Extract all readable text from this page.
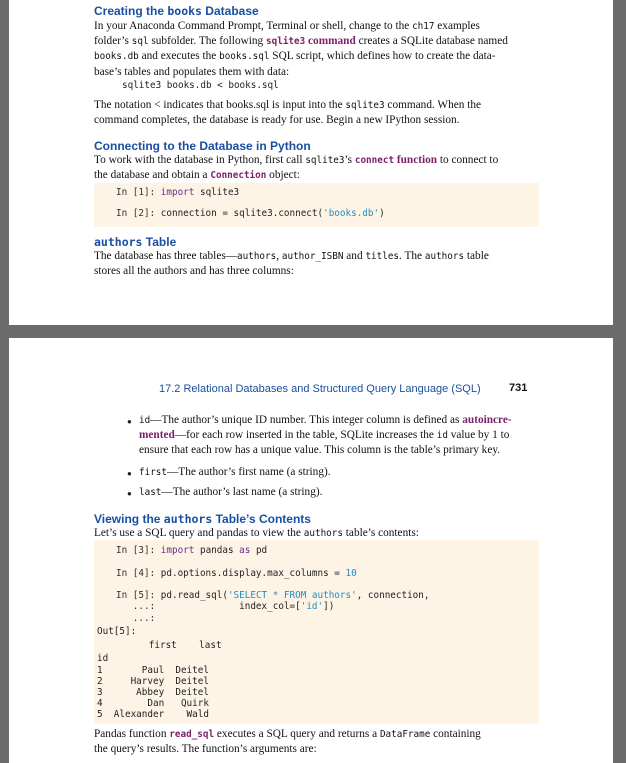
Creating the books Database
In your Anaconda Command Prompt, Terminal or shell, change to the ch17 examples
folder’s sql subfolder. The following sqlite3 command creates a SQLite database named
books.db and executes the books.sql SQL script, which defines how to create the data-
base’s tables and populates them with data:
sqlite3 books.db < books.sql
The notation < indicates that books.sql is input into the sqlite3 command. When the
command completes, the database is ready for use. Begin a new IPython session.
Connecting to the Database in Python
To work with the database in Python, first call sqlite3’s connect function to connect to
the database and obtain a Connection object:
In [1]: import sqlite3
In [2]: connection = sqlite3.connect('books.db')
authors Table
The database has three tables—authors, author_ISBN and titles. The authors table
stores all the authors and has three columns:
17.2 Relational Databases and Structured Query Language (SQL)	731
● id—The author’s unique ID number. This integer column is defined as autoincre-
mented—for each row inserted in the table, SQLite increases the id value by 1 to
ensure that each row has a unique value. This column is the table’s primary key.
● first—The author’s first name (a string).
● last—The author’s last name (a string).
Viewing the authors Table’s Contents
Let’s use a SQL query and pandas to view the authors table’s contents:
In [3]: import pandas as pd
In [4]: pd.options.display.max_columns = 10
In [5]: pd.read_sql('SELECT * FROM authors', connection,
...:               index_col=['id'])
...:
Out[5]:
first    last
id
1       Paul  Deitel
2     Harvey  Deitel
3      Abbey  Deitel
4        Dan   Quirk
5  Alexander    Wald
Pandas function read_sql executes a SQL query and returns a DataFrame containing
the query’s results. The function’s arguments are:
